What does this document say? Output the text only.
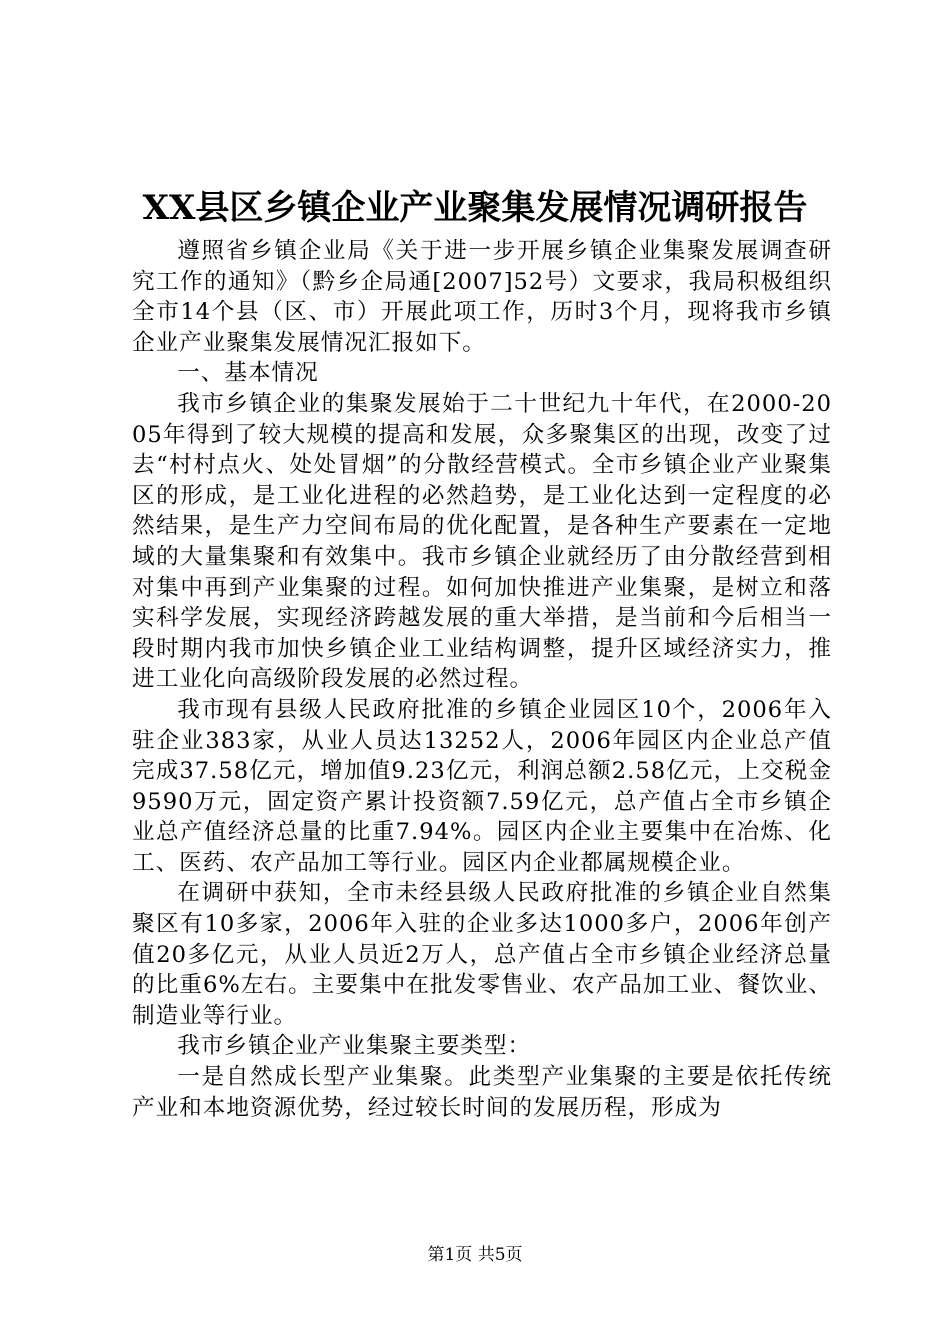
XX县区乡镇企业产业聚集发展情况调研报告

遵照省乡镇企业局《关于进一步开展乡镇企业集聚发展调查研究工作的通知》（黔乡企局通[2007]52号）文要求，我局积极组织全市14个县（区、市）开展此项工作，历时3个月，现将我市乡镇企业产业聚集发展情况汇报如下。

一、基本情况

我市乡镇企业的集聚发展始于二十世纪九十年代，在2000-2005年得到了较大规模的提高和发展，众多聚集区的出现，改变了过去“村村点火、处处冒烟”的分散经营模式。全市乡镇企业产业聚集区的形成，是工业化进程的必然趋势，是工业化达到一定程度的必然结果，是生产力空间布局的优化配置，是各种生产要素在一定地域的大量集聚和有效集中。我市乡镇企业就经历了由分散经营到相对集中再到产业集聚的过程。如何加快推进产业集聚，是树立和落实科学发展，实现经济跨越发展的重大举措，是当前和今后相当一段时期内我市加快乡镇企业工业结构调整，提升区域经济实力，推进工业化向高级阶段发展的必然过程。

我市现有县级人民政府批准的乡镇企业园区10个，2006年入驻企业383家，从业人员达13252人，2006年园区内企业总产值完成37.58亿元，增加值9.23亿元，利润总额2.58亿元，上交税金9590万元，固定资产累计投资额7.59亿元，总产值占全市乡镇企业总产值经济总量的比重7.94%。园区内企业主要集中在冶炼、化工、医药、农产品加工等行业。园区内企业都属规模企业。

在调研中获知，全市未经县级人民政府批准的乡镇企业自然集聚区有10多家，2006年入驻的企业多达1000多户，2006年创产值20多亿元，从业人员近2万人，总产值占全市乡镇企业经济总量的比重6%左右。主要集中在批发零售业、农产品加工业、餐饮业、制造业等行业。

我市乡镇企业产业集聚主要类型：

一是自然成长型产业集聚。此类型产业集聚的主要是依托传统产业和本地资源优势，经过较长时间的发展历程，形成为

第1页 共5页
